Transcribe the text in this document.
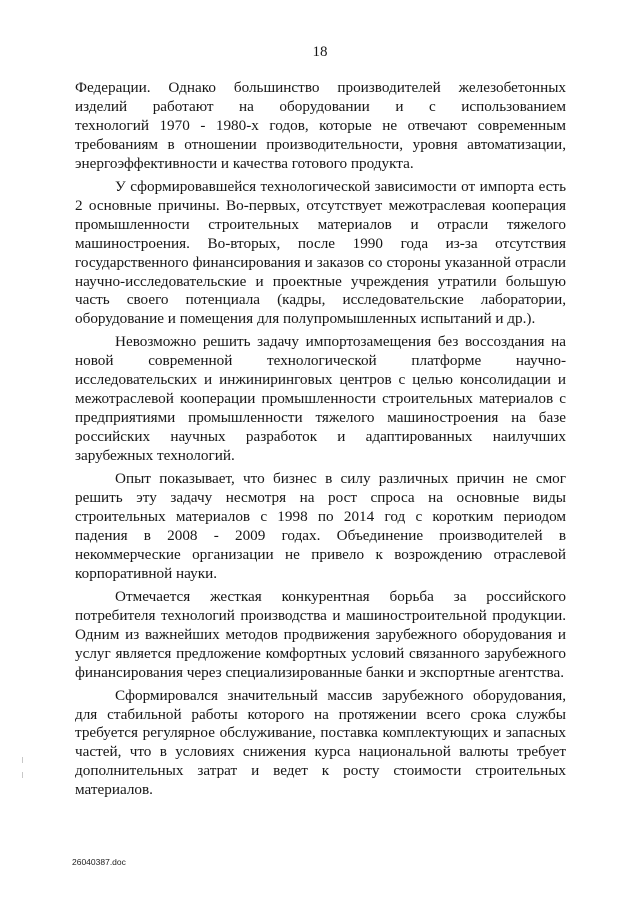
18

Федерации. Однако большинство производителей железобетонных
изделий работают на оборудовании и с использованием
технологий 1970 - 1980-х годов, которые не отвечают современным
требованиям в отношении производительности, уровня автоматизации,
энергоэффективности и качества готового продукта.

У сформировавшейся технологической зависимости от импорта есть
2 основные причины. Во-первых, отсутствует межотраслевая кооперация
промышленности строительных материалов и отрасли тяжелого
машиностроения. Во-вторых, после 1990 года из-за отсутствия
государственного финансирования и заказов со стороны указанной отрасли
научно-исследовательские и проектные учреждения утратили большую
часть своего потенциала (кадры, исследовательские лаборатории,
оборудование и помещения для полупромышленных испытаний и др.).

Невозможно решить задачу импортозамещения без воссоздания на
новой современной технологической платформе научно-
исследовательских и инжиниринговых центров с целью консолидации и
межотраслевой кооперации промышленности строительных материалов с
предприятиями промышленности тяжелого машиностроения на базе
российских научных разработок и адаптированных наилучших
зарубежных технологий.

Опыт показывает, что бизнес в силу различных причин не смог
решить эту задачу несмотря на рост спроса на основные виды
строительных материалов с 1998 по 2014 год с коротким периодом
падения в 2008 - 2009 годах. Объединение производителей в
некоммерческие организации не привело к возрождению отраслевой
корпоративной науки.

Отмечается жесткая конкурентная борьба за российского
потребителя технологий производства и машиностроительной продукции.
Одним из важнейших методов продвижения зарубежного оборудования и
услуг является предложение комфортных условий связанного зарубежного
финансирования через специализированные банки и экспортные агентства.

Сформировался значительный массив зарубежного оборудования,
для стабильной работы которого на протяжении всего срока службы
требуется регулярное обслуживание, поставка комплектующих и запасных
частей, что в условиях снижения курса национальной валюты требует
дополнительных затрат и ведет к росту стоимости строительных
материалов.

26040387.doc
